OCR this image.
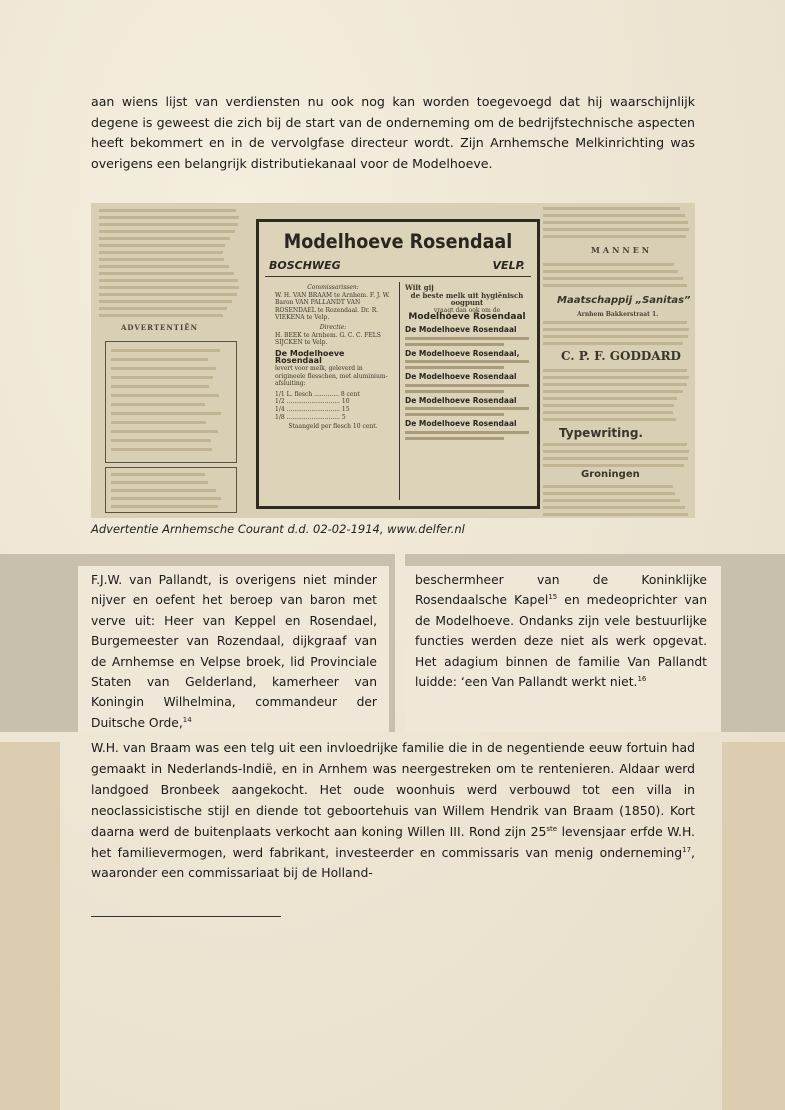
aan wiens lijst van verdiensten nu ook nog kan worden toegevoegd dat hij waarschijnlijk degene is geweest die zich bij de start van de onderneming om de bedrijfstechnische aspecten heeft bekommert en in de vervolgfase directeur wordt. Zijn Arnhemsche Melkinrichting was overigens een belangrijk distributiekanaal voor de Modelhoeve.
ADVERTENTIËN
Modelhoeve Rosendaal
BOSCHWEG	VELP.
Commissarissen:
W. H. VAN BRAAM te Arnhem. F. J. W. Baron VAN PALLANDT VAN ROSENDAEL te Rozendaal. Dr. R. VIEKENA te Velp.
Directie:
H. BEEK te Arnhem. G. C. C. FELS SIJCKEN te Velp.
De Modelhoeve Rosendaal
levert voor melk, geleverd in origineele flesschen, met aluminium-afsluiting:
1/1 L. flesch ............. 8 cent
1/2 ............................ 10
1/4 ............................ 15
1/8 ............................ 5
Staangeld per flesch 10 cent.
Wilt gij
de beste melk uit hygiënisch oogpunt
vraagt dan ook om de
Modelhoeve Rosendaal
De Modelhoeve Rosendaal
De Modelhoeve Rosendaal,
De Modelhoeve Rosendaal
De Modelhoeve Rosendaal
De Modelhoeve Rosendaal
MANNEN
Maatschappij „Sanitas”
Arnhem Bakkerstraat 1.
C. P. F. GODDARD
Typewriting.
Groningen
Advertentie Arnhemsche Courant d.d. 02-02-1914, www.delfer.nl
F.J.W. van Pallandt, is overigens niet minder nijver en oefent het beroep van baron met verve uit: Heer van Keppel en Rosendael, Burgemeester van Rozendaal, dijkgraaf van de Arnhemse en Velpse broek, lid Provinciale Staten van Gelderland, kamerheer van Koningin Wilhelmina, commandeur der Duitsche Orde,$^{14}$
beschermheer van de Koninklijke Rosendaalsche Kapel$^{15}$ en medeoprichter van de Modelhoeve. Ondanks zijn vele bestuurlijke functies werden deze niet als werk opgevat. Het adagium binnen de familie Van Pallandt luidde: ‘een Van Pallandt werkt niet.$^{16}$
W.H. van Braam was een telg uit een invloedrijke familie die in de negentiende eeuw fortuin had gemaakt in Nederlands-Indië, en in Arnhem was neergestreken om te rentenieren. Aldaar werd landgoed Bronbeek aangekocht. Het oude woonhuis werd verbouwd tot een villa in neoclassicistische stijl en diende tot geboortehuis van Willem Hendrik van Braam (1850). Kort daarna werd de buitenplaats verkocht aan koning Willen III. Rond zijn 25ste levensjaar erfde W.H. het familievermogen, werd fabrikant, investeerder en commissaris van menig onderneming$^{17}$, waaronder een commissariaat bij de Holland-
